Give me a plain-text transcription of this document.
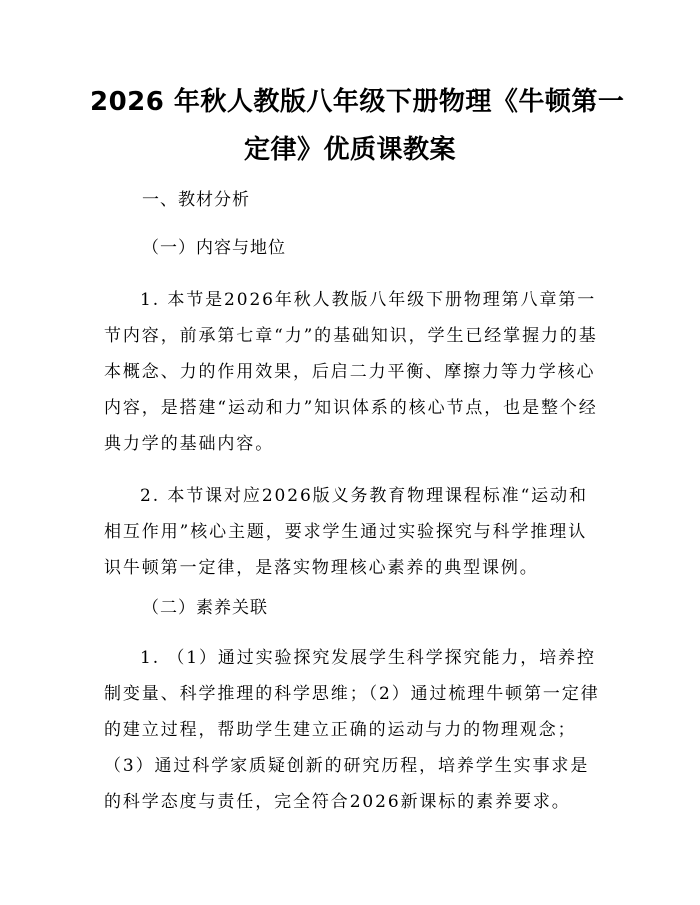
2026 年秋人教版八年级下册物理《牛顿第一
定律》优质课教案
一、教材分析
（一）内容与地位
1. 本节是2026年秋人教版八年级下册物理第八章第一节内容，前承第七章“力”的基础知识，学生已经掌握力的基本概念、力的作用效果，后启二力平衡、摩擦力等力学核心内容，是搭建“运动和力”知识体系的核心节点，也是整个经典力学的基础内容。
2. 本节课对应2026版义务教育物理课程标准“运动和相互作用”核心主题，要求学生通过实验探究与科学推理认识牛顿第一定律，是落实物理核心素养的典型课例。
（二）素养关联
1. （1）通过实验探究发展学生科学探究能力，培养控制变量、科学推理的科学思维；（2）通过梳理牛顿第一定律的建立过程，帮助学生建立正确的运动与力的物理观念；（3）通过科学家质疑创新的研究历程，培养学生实事求是的科学态度与责任，完全符合2026新课标的素养要求。
